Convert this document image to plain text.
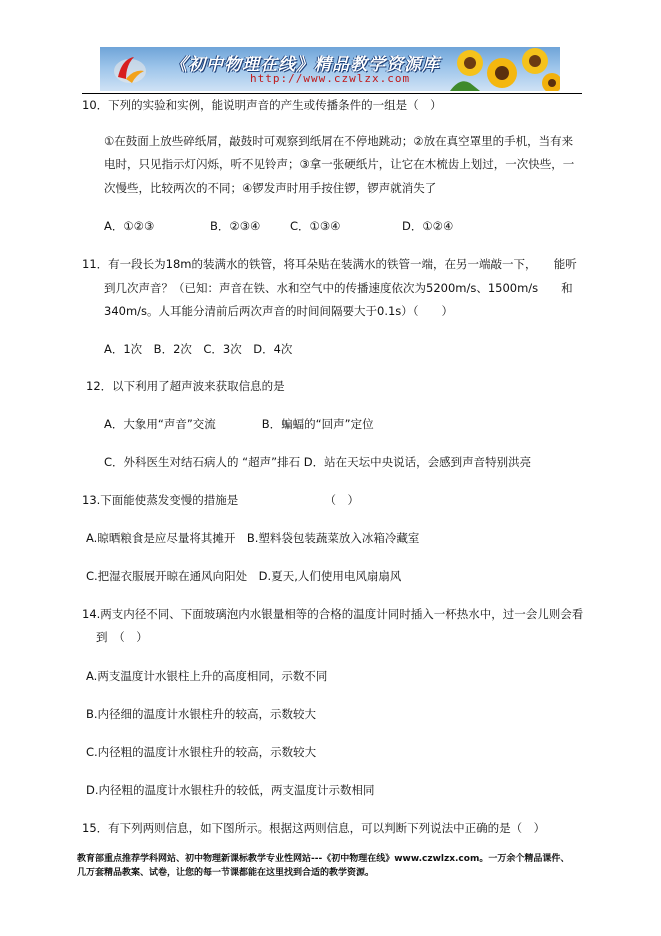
《初中物理在线》精品教学资源库
http://www.czwlzx.com
10．下列的实验和实例，能说明声音的产生或传播条件的一组是（　）
①在鼓面上放些碎纸屑，敲鼓时可观察到纸屑在不停地跳动；②放在真空罩里的手机，当有来
电时，只见指示灯闪烁，听不见铃声；③拿一张硬纸片，让它在木梳齿上划过，一次快些，一
次慢些，比较两次的不同；④锣发声时用手按住锣，锣声就消失了
A．①②③	B．②③④	C．①③④	D．①②④
11．有一段长为18m的装满水的铁管，将耳朵贴在装满水的铁管一端，在另一端敲一下，　　能听
到几次声音？（已知：声音在铁、水和空气中的传播速度依次为5200m/s、1500m/s　　和
340m/s。人耳能分清前后两次声音的时间间隔要大于0.1s）（　　）
A．1次　B．2次　C．3次　D．4次
12．以下利用了超声波来获取信息的是
A．大象用“声音”交流　　　　B．蝙蝠的“回声”定位
C．外科医生对结石病人的 “超声”排石 D．站在天坛中央说话，会感到声音特别洪亮
13.下面能使蒸发变慢的措施是　　　　　　　　（　）
A.晾晒粮食是应尽量将其摊开　B.塑料袋包装蔬菜放入冰箱冷藏室
C.把湿衣服展开晾在通风向阳处　D.夏天,人们使用电风扇扇风
14.两支内径不同、下面玻璃泡内水银量相等的合格的温度计同时插入一杯热水中，过一会儿则会看
到　（　）
A.两支温度计水银柱上升的高度相同，示数不同
B.内径细的温度计水银柱升的较高，示数较大
C.内径粗的温度计水银柱升的较高，示数较大
D.内径粗的温度计水银柱升的较低，两支温度计示数相同
15．有下列两则信息，如下图所示。根据这两则信息，可以判断下列说法中正确的是（　）
教育部重点推荐学科网站、初中物理新课标教学专业性网站---《初中物理在线》www.czwlzx.com。一万余个精品课件、
几万套精品教案、试卷，让您的每一节课都能在这里找到合适的教学资源。
